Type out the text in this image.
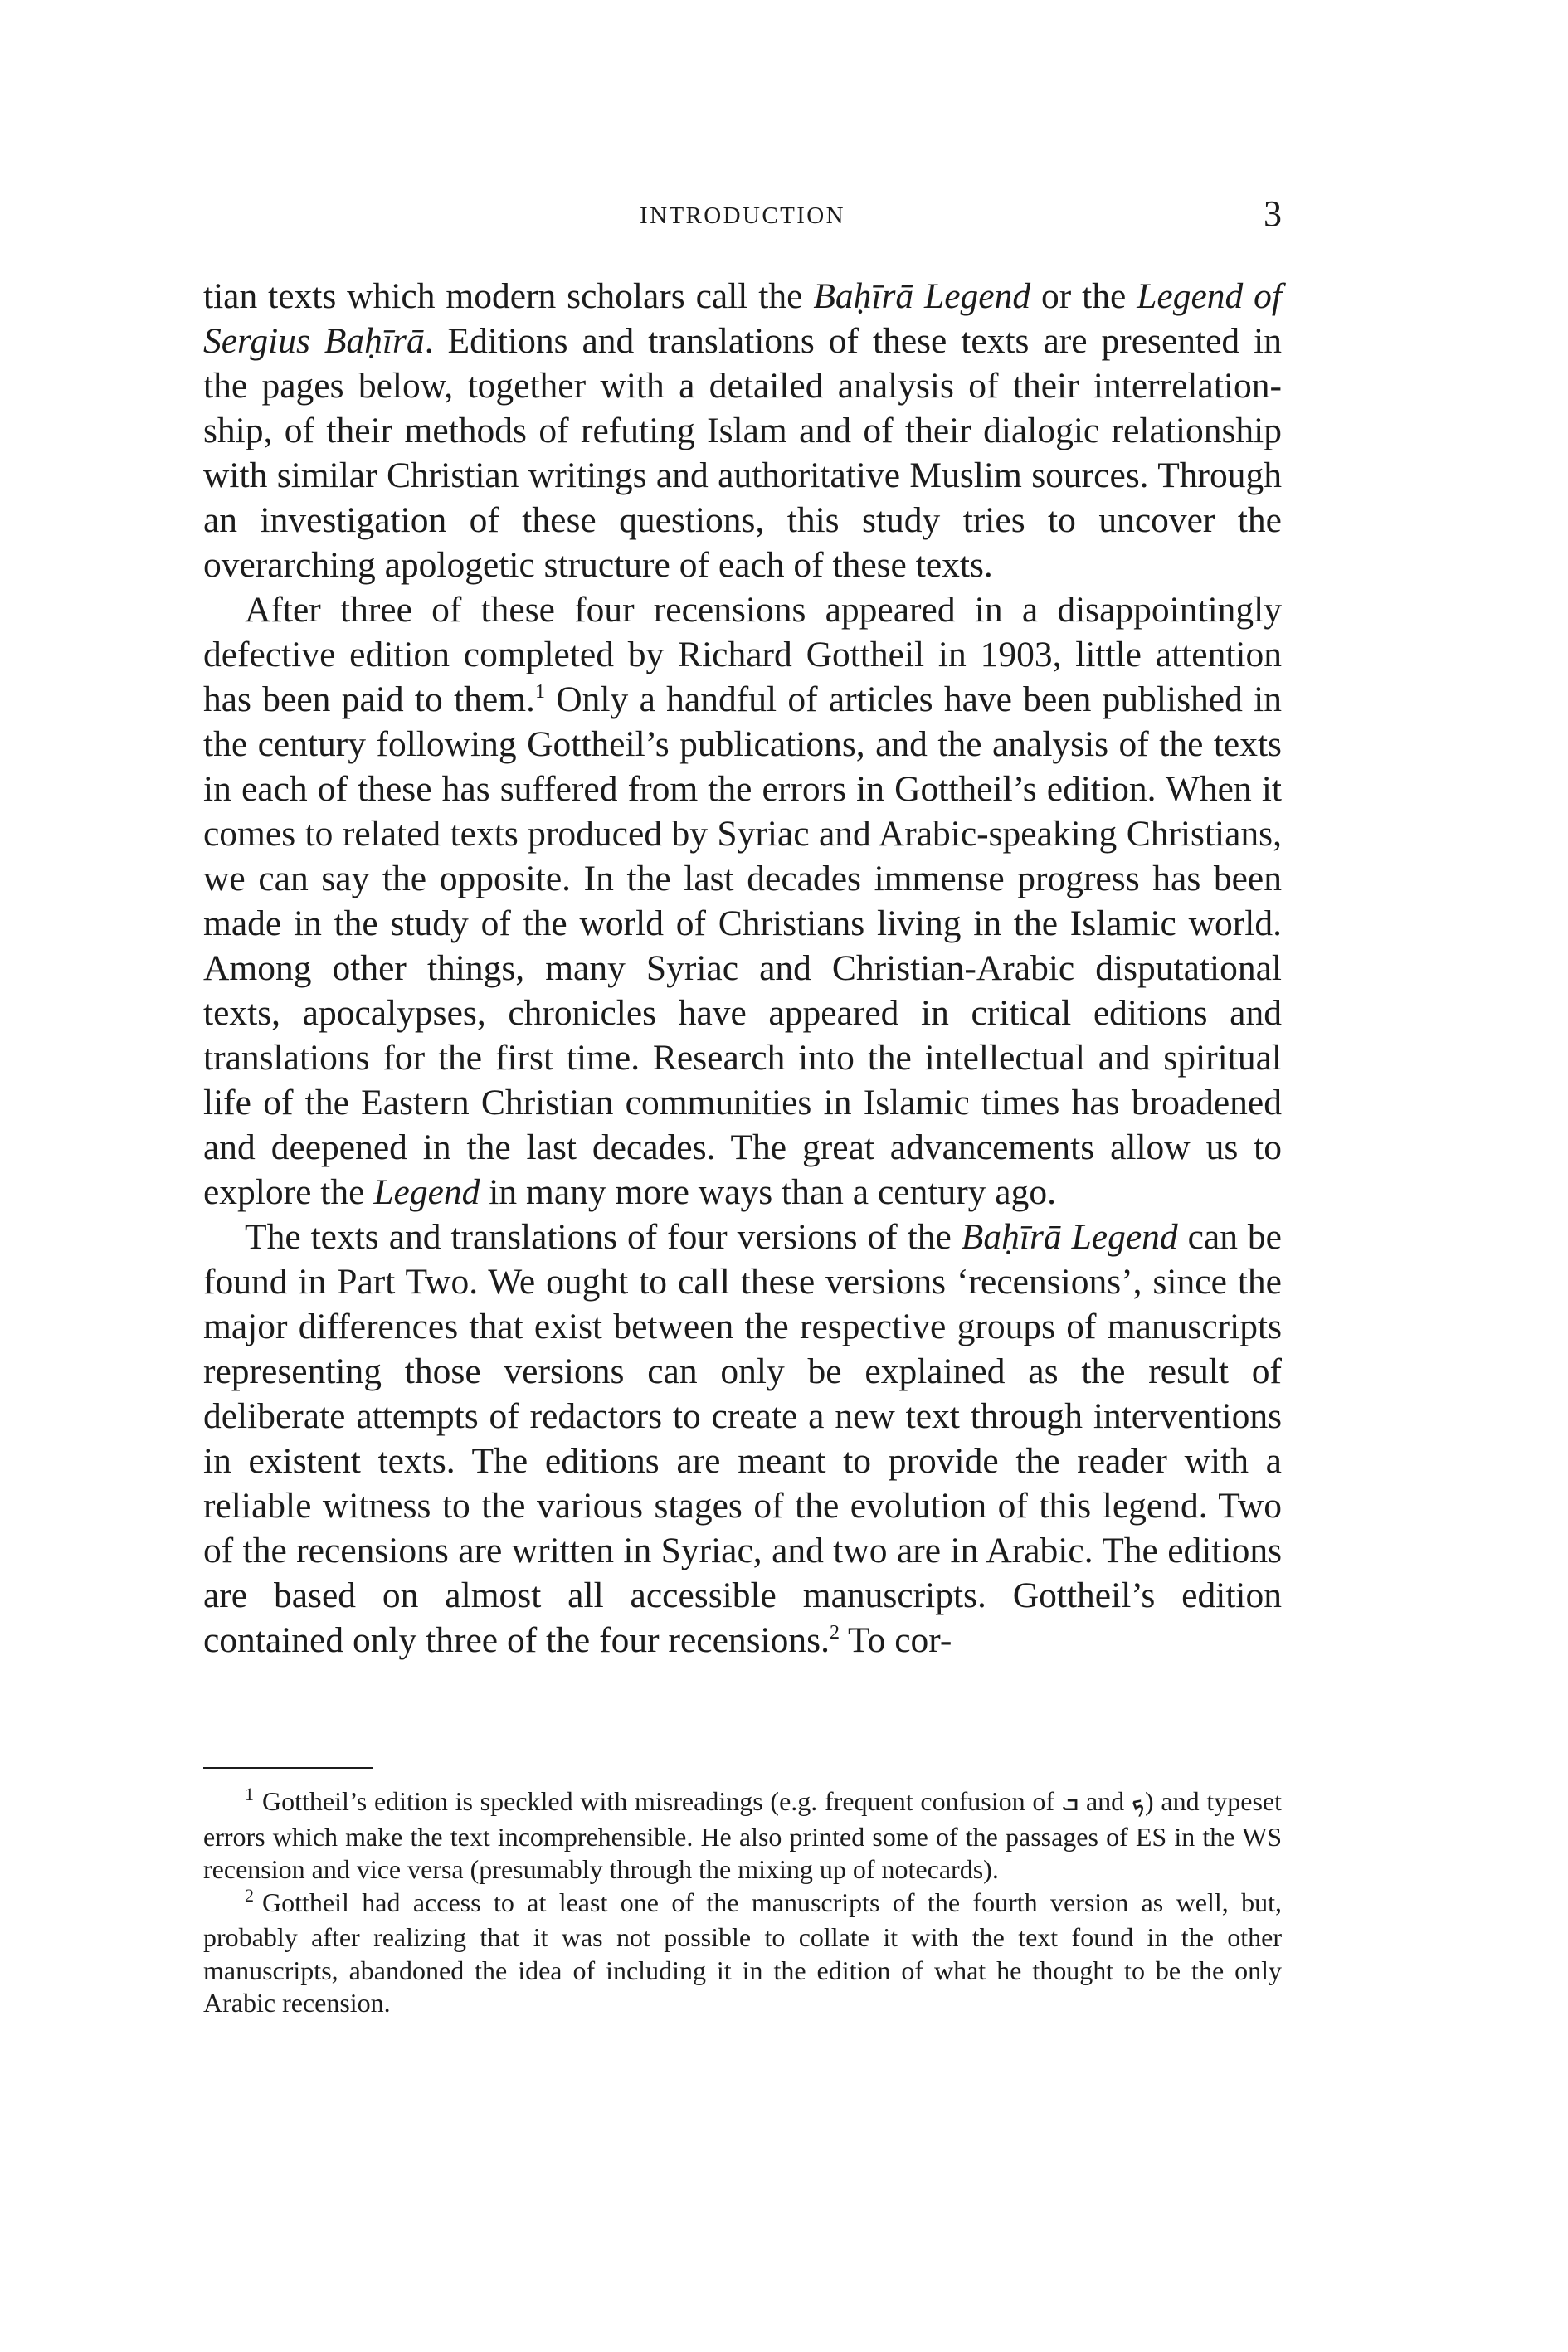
INTRODUCTION	3

tian texts which modern scholars call the Baḥīrā Legend or the Legend of Sergius Baḥīrā. Editions and translations of these texts are presented in the pages below, together with a detailed analysis of their interrelationship, of their methods of refuting Islam and of their dialogic relationship with similar Christian writings and authoritative Muslim sources. Through an investigation of these questions, this study tries to uncover the overarching apologetic structure of each of these texts.

After three of these four recensions appeared in a disappointingly defective edition completed by Richard Gottheil in 1903, little attention has been paid to them.$^1$ Only a handful of articles have been published in the century following Gottheil’s publications, and the analysis of the texts in each of these has suffered from the errors in Gottheil’s edition. When it comes to related texts produced by Syriac and Arabic-speaking Christians, we can say the opposite. In the last decades immense progress has been made in the study of the world of Christians living in the Islamic world. Among other things, many Syriac and Christian-Arabic disputational texts, apocalypses, chronicles have appeared in critical editions and translations for the first time. Research into the intellectual and spiritual life of the Eastern Christian communities in Islamic times has broadened and deepened in the last decades. The great advancements allow us to explore the Legend in many more ways than a century ago.

The texts and translations of four versions of the Baḥīrā Legend can be found in Part Two. We ought to call these versions ‘recensions’, since the major differences that exist between the respective groups of manuscripts representing those versions can only be explained as the result of deliberate attempts of redactors to create a new text through interventions in existent texts. The editions are meant to provide the reader with a reliable witness to the various stages of the evolution of this legend. Two of the recensions are written in Syriac, and two are in Arabic. The editions are based on almost all accessible manuscripts. Gottheil’s edition contained only three of the four recensions.$^2$ To cor-

$^1$ Gottheil’s edition is speckled with misreadings (e.g. frequent confusion of ܒ and ܟ) and typeset errors which make the text incomprehensible. He also printed some of the passages of ES in the WS recension and vice versa (presumably through the mixing up of notecards).

$^2$ Gottheil had access to at least one of the manuscripts of the fourth version as well, but, probably after realizing that it was not possible to collate it with the text found in the other manuscripts, abandoned the idea of including it in the edition of what he thought to be the only Arabic recension.
